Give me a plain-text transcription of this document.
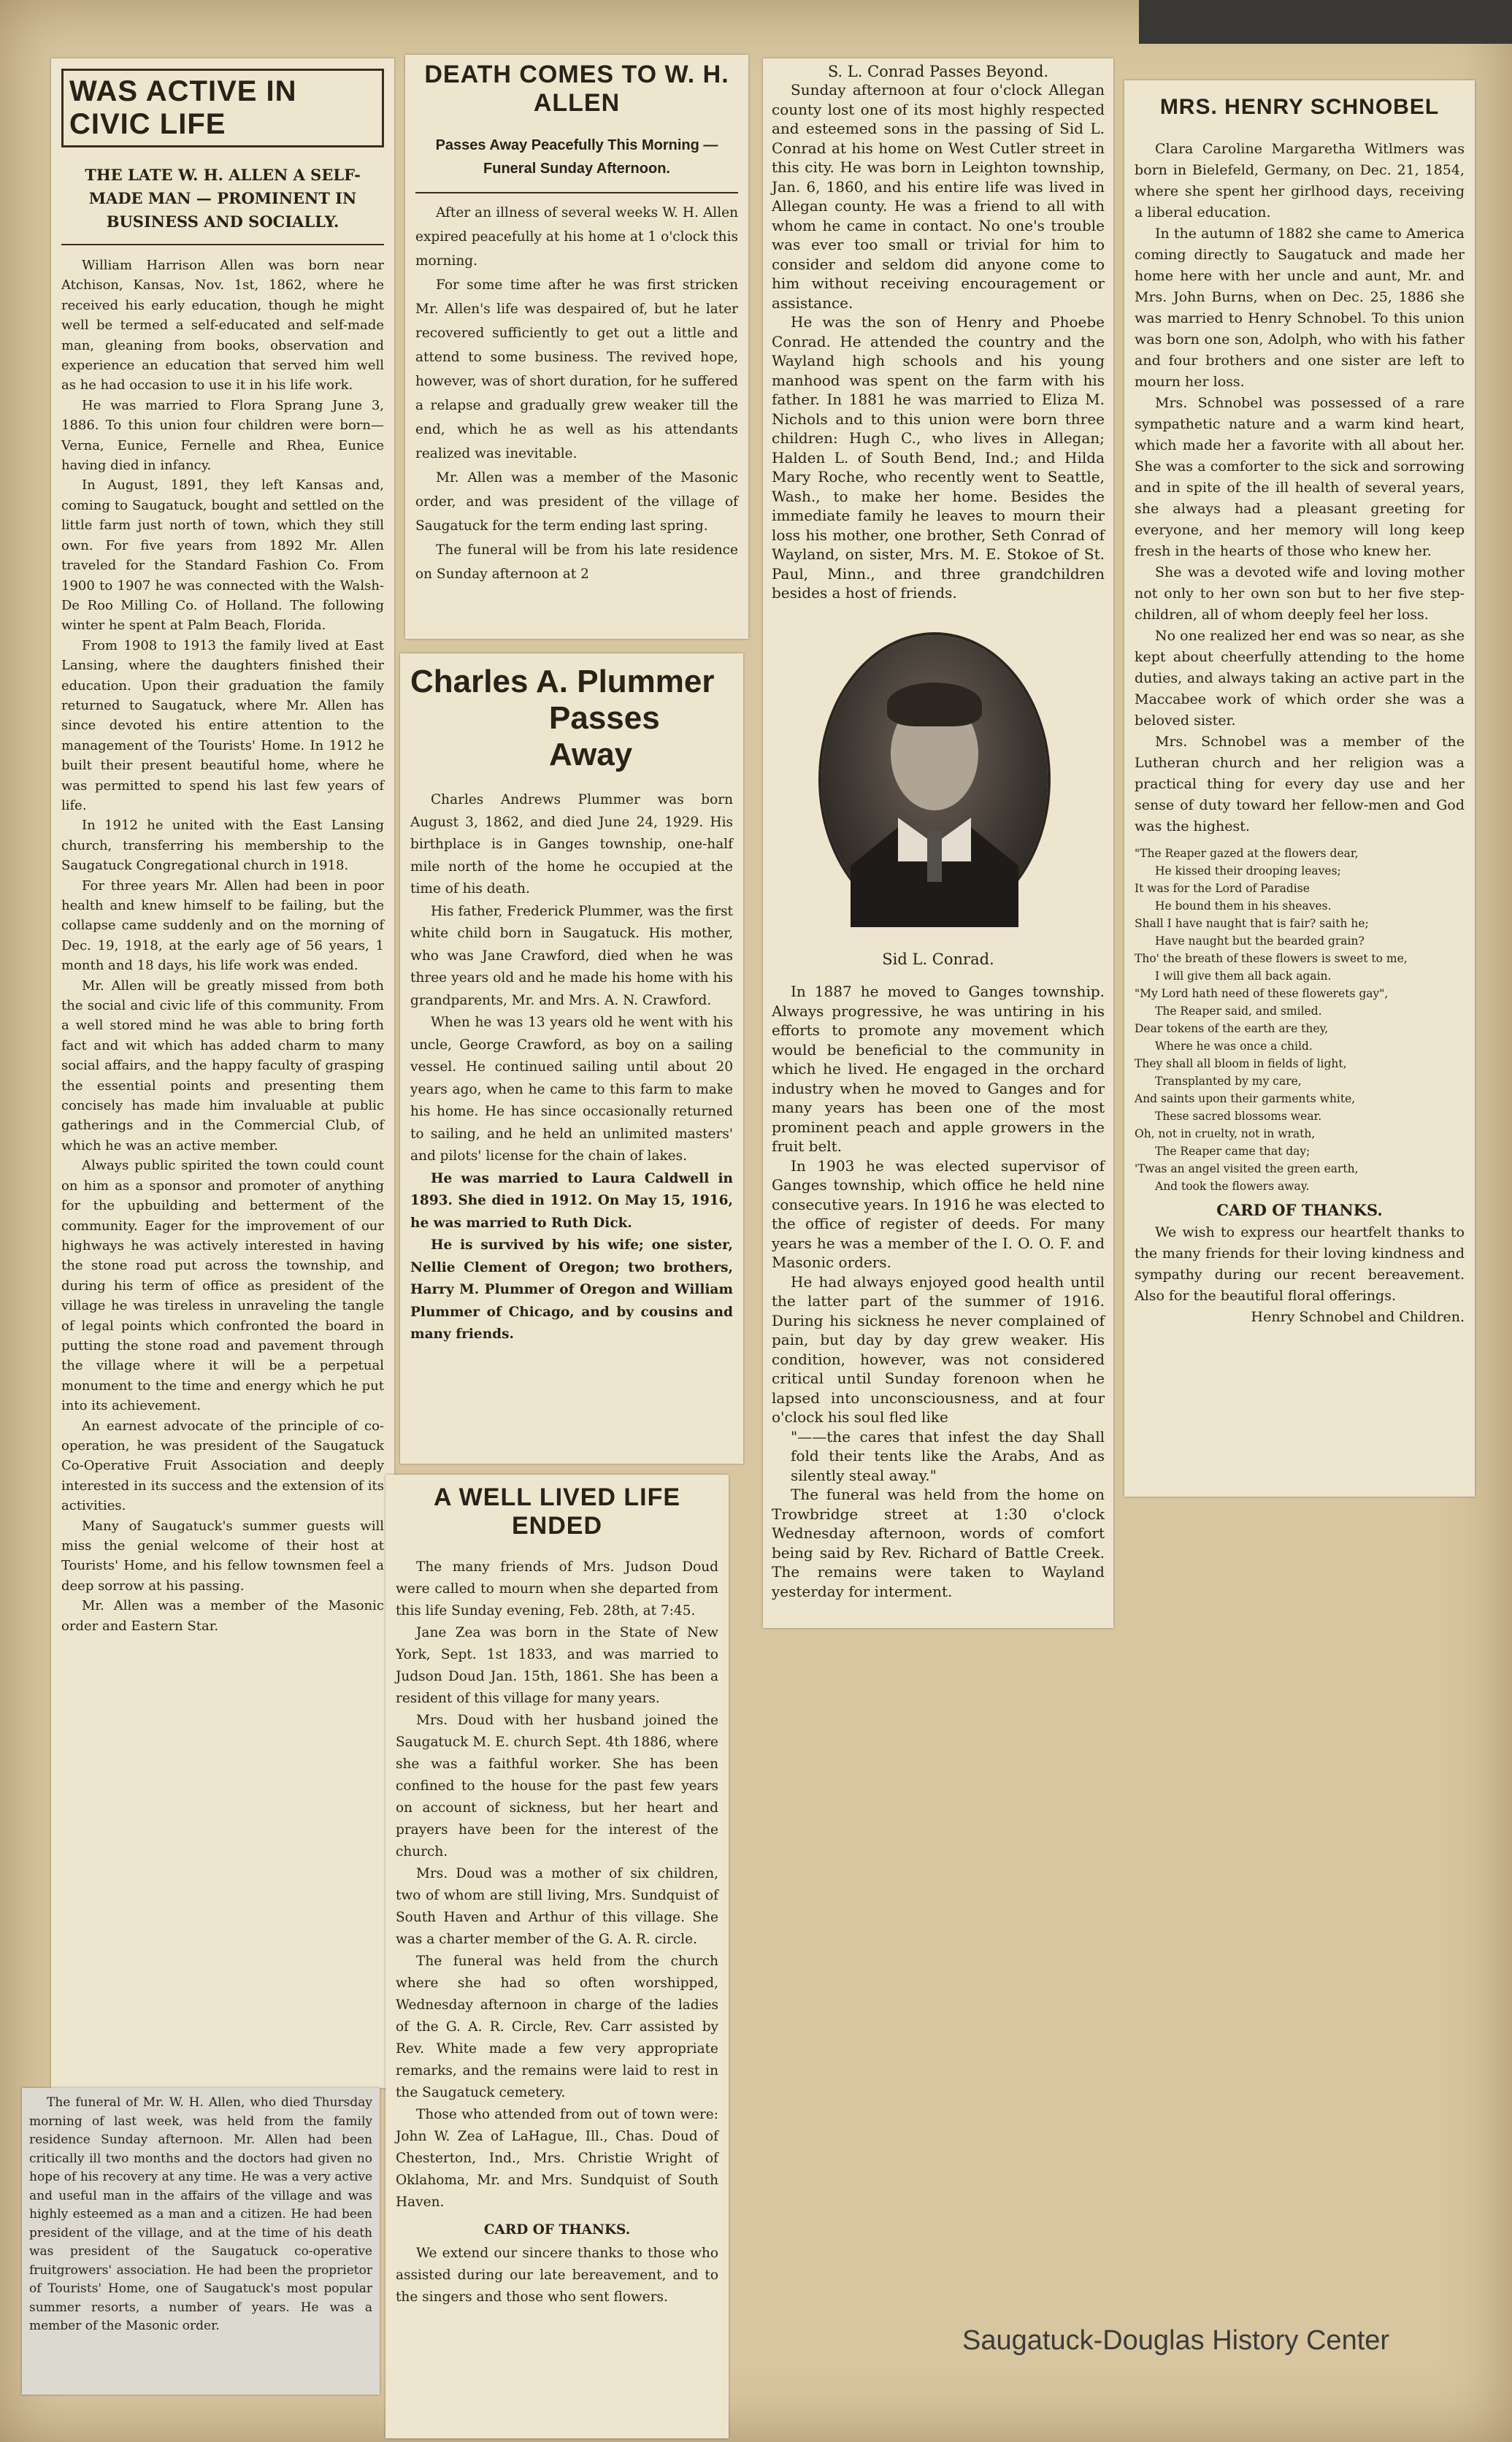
WAS ACTIVE IN CIVIC LIFE
THE LATE W. H. ALLEN A SELF-MADE MAN — PROMINENT IN BUSINESS AND SOCIALLY.

William Harrison Allen was born near Atchison, Kansas, Nov. 1st, 1862, where he received his early education, though he might well be termed a self-educated and self-made man, gleaning from books, observation and experience an education that served him well as he had occasion to use it in his life work.

He was married to Flora Sprang June 3, 1886. To this union four children were born—Verna, Eunice, Fernelle and Rhea, Eunice having died in infancy.

In August, 1891, they left Kansas and, coming to Saugatuck, bought and settled on the little farm just north of town, which they still own. For five years from 1892 Mr. Allen traveled for the Standard Fashion Co. From 1900 to 1907 he was connected with the Walsh-De Roo Milling Co. of Holland. The following winter he spent at Palm Beach, Florida.

From 1908 to 1913 the family lived at East Lansing, where the daughters finished their education. Upon their graduation the family returned to Saugatuck, where Mr. Allen has since devoted his entire attention to the management of the Tourists' Home. In 1912 he built their present beautiful home, where he was permitted to spend his last few years of life.

In 1912 he united with the East Lansing church, transferring his membership to the Saugatuck Congregational church in 1918.

For three years Mr. Allen had been in poor health and knew himself to be failing, but the collapse came suddenly and on the morning of Dec. 19, 1918, at the early age of 56 years, 1 month and 18 days, his life work was ended.

Mr. Allen will be greatly missed from both the social and civic life of this community. From a well stored mind he was able to bring forth fact and wit which has added charm to many social affairs, and the happy faculty of grasping the essential points and presenting them concisely has made him invaluable at public gatherings and in the Commercial Club, of which he was an active member.

Always public spirited the town could count on him as a sponsor and promoter of anything for the upbuilding and betterment of the community. Eager for the improvement of our highways he was actively interested in having the stone road put across the township, and during his term of office as president of the village he was tireless in unraveling the tangle of legal points which confronted the board in putting the stone road and pavement through the village where it will be a perpetual monument to the time and energy which he put into its achievement.

An earnest advocate of the principle of co-operation, he was president of the Saugatuck Co-Operative Fruit Association and deeply interested in its success and the extension of its activities.

Many of Saugatuck's summer guests will miss the genial welcome of their host at Tourists' Home, and his fellow townsmen feel a deep sorrow at his passing.

Mr. Allen was a member of the Masonic order and Eastern Star.

The funeral of Mr. W. H. Allen, who died Thursday morning of last week, was held from the family residence Sunday afternoon. Mr. Allen had been critically ill two months and the doctors had given no hope of his recovery at any time. He was a very active and useful man in the affairs of the village and was highly esteemed as a man and a citizen. He had been president of the village, and at the time of his death was president of the Saugatuck co-operative fruitgrowers' association. He had been the proprietor of Tourists' Home, one of Saugatuck's most popular summer resorts, a number of years. He was a member of the Masonic order.

DEATH COMES TO W. H. ALLEN
Passes Away Peacefully This Morning —Funeral Sunday Afternoon.

After an illness of several weeks W. H. Allen expired peacefully at his home at 1 o'clock this morning.

For some time after he was first stricken Mr. Allen's life was despaired of, but he later recovered sufficiently to get out a little and attend to some business. The revived hope, however, was of short duration, for he suffered a relapse and gradually grew weaker till the end, which he as well as his attendants realized was inevitable.

Mr. Allen was a member of the Masonic order, and was president of the village of Saugatuck for the term ending last spring.

The funeral will be from his late residence on Sunday afternoon at 2

Charles A. Plummer
Passes Away

Charles Andrews Plummer was born August 3, 1862, and died June 24, 1929. His birthplace is in Ganges township, one-half mile north of the home he occupied at the time of his death.

His father, Frederick Plummer, was the first white child born in Saugatuck. His mother, who was Jane Crawford, died when he was three years old and he made his home with his grandparents, Mr. and Mrs. A. N. Crawford.

When he was 13 years old he went with his uncle, George Crawford, as boy on a sailing vessel. He continued sailing until about 20 years ago, when he came to this farm to make his home. He has since occasionally returned to sailing, and he held an unlimited masters' and pilots' license for the chain of lakes.

He was married to Laura Caldwell in 1893. She died in 1912. On May 15, 1916, he was married to Ruth Dick.

He is survived by his wife; one sister, Nellie Clement of Oregon; two brothers, Harry M. Plummer of Oregon and William Plummer of Chicago, and by cousins and many friends.

A WELL LIVED LIFE ENDED

The many friends of Mrs. Judson Doud were called to mourn when she departed from this life Sunday evening, Feb. 28th, at 7:45.

Jane Zea was born in the State of New York, Sept. 1st 1833, and was married to Judson Doud Jan. 15th, 1861. She has been a resident of this village for many years.

Mrs. Doud with her husband joined the Saugatuck M. E. church Sept. 4th 1886, where she was a faithful worker. She has been confined to the house for the past few years on account of sickness, but her heart and prayers have been for the interest of the church.

Mrs. Doud was a mother of six children, two of whom are still living, Mrs. Sundquist of South Haven and Arthur of this village. She was a charter member of the G. A. R. circle.

The funeral was held from the church where she had so often worshipped, Wednesday afternoon in charge of the ladies of the G. A. R. Circle, Rev. Carr assisted by Rev. White made a few very appropriate remarks, and the remains were laid to rest in the Saugatuck cemetery.

Those who attended from out of town were: John W. Zea of LaHague, Ill., Chas. Doud of Chesterton, Ind., Mrs. Christie Wright of Oklahoma, Mr. and Mrs. Sundquist of South Haven.

CARD OF THANKS.

We extend our sincere thanks to those who assisted during our late bereavement, and to the singers and those who sent flowers.

S. L. Conrad Passes Beyond.

Sunday afternoon at four o'clock Allegan county lost one of its most highly respected and esteemed sons in the passing of Sid L. Conrad at his home on West Cutler street in this city. He was born in Leighton township, Jan. 6, 1860, and his entire life was lived in Allegan county. He was a friend to all with whom he came in contact. No one's trouble was ever too small or trivial for him to consider and seldom did anyone come to him without receiving encouragement or assistance.

He was the son of Henry and Phoebe Conrad. He attended the country and the Wayland high schools and his young manhood was spent on the farm with his father. In 1881 he was married to Eliza M. Nichols and to this union were born three children: Hugh C., who lives in Allegan; Halden L. of South Bend, Ind.; and Hilda Mary Roche, who recently went to Seattle, Wash., to make her home. Besides the immediate family he leaves to mourn their loss his mother, one brother, Seth Conrad of Wayland, on sister, Mrs. M. E. Stokoe of St. Paul, Minn., and three grandchildren besides a host of friends.

Sid L. Conrad.

In 1887 he moved to Ganges township. Always progressive, he was untiring in his efforts to promote any movement which would be beneficial to the community in which he lived. He engaged in the orchard industry when he moved to Ganges and for many years has been one of the most prominent peach and apple growers in the fruit belt.

In 1903 he was elected supervisor of Ganges township, which office he held nine consecutive years. In 1916 he was elected to the office of register of deeds. For many years he was a member of the I. O. O. F. and Masonic orders.

He had always enjoyed good health until the latter part of the summer of 1916. During his sickness he never complained of pain, but day by day grew weaker. His condition, however, was not considered critical until Sunday forenoon when he lapsed into unconsciousness, and at four o'clock his soul fled like

"——the cares that infest the day Shall fold their tents like the Arabs, And as silently steal away."

The funeral was held from the home on Trowbridge street at 1:30 o'clock Wednesday afternoon, words of comfort being said by Rev. Richard of Battle Creek. The remains were taken to Wayland yesterday for interment.

MRS. HENRY SCHNOBEL

Clara Caroline Margaretha Witlmers was born in Bielefeld, Germany, on Dec. 21, 1854, where she spent her girlhood days, receiving a liberal education.

In the autumn of 1882 she came to America coming directly to Saugatuck and made her home here with her uncle and aunt, Mr. and Mrs. John Burns, when on Dec. 25, 1886 she was married to Henry Schnobel. To this union was born one son, Adolph, who with his father and four brothers and one sister are left to mourn her loss.

Mrs. Schnobel was possessed of a rare sympathetic nature and a warm kind heart, which made her a favorite with all about her. She was a comforter to the sick and sorrowing and in spite of the ill health of several years, she always had a pleasant greeting for everyone, and her memory will long keep fresh in the hearts of those who knew her.

She was a devoted wife and loving mother not only to her own son but to her five step-children, all of whom deeply feel her loss.

No one realized her end was so near, as she kept about cheerfully attending to the home duties, and always taking an active part in the Maccabee work of which order she was a beloved sister.

Mrs. Schnobel was a member of the Lutheran church and her religion was a practical thing for every day use and her sense of duty toward her fellow-men and God was the highest.

"The Reaper gazed at the flowers dear,
He kissed their drooping leaves;
It was for the Lord of Paradise
He bound them in his sheaves.
Shall I have naught that is fair? saith he;
Have naught but the bearded grain?
Tho' the breath of these flowers is sweet to me,
I will give them all back again.
"My Lord hath need of these flowerets gay",
The Reaper said, and smiled.
Dear tokens of the earth are they,
Where he was once a child.
They shall all bloom in fields of light,
Transplanted by my care,
And saints upon their garments white,
These sacred blossoms wear.
Oh, not in cruelty, not in wrath,
The Reaper came that day;
'Twas an angel visited the green earth,
And took the flowers away.
CARD OF THANKS.

We wish to express our heartfelt thanks to the many friends for their loving kindness and sympathy during our recent bereavement. Also for the beautiful floral offerings.

Henry Schnobel and Children.
Saugatuck-Douglas History Center
